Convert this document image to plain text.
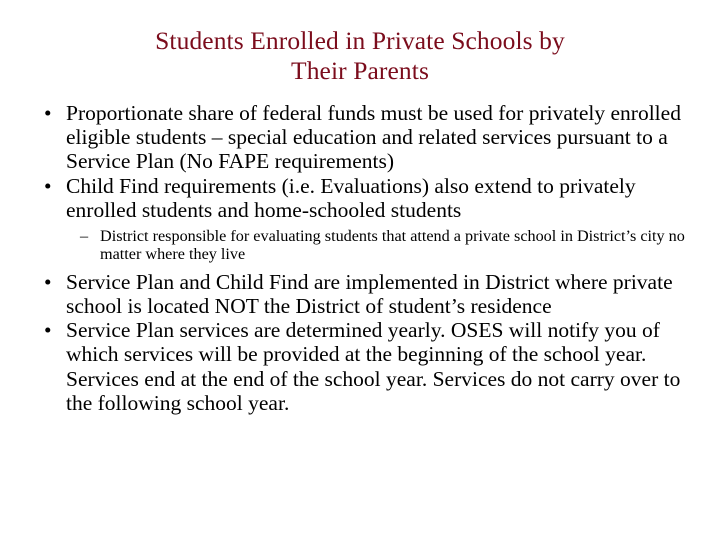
Students Enrolled in Private Schools by
Their Parents
• Proportionate share of federal funds must be used for privately enrolled eligible students – special education and related services pursuant to a Service Plan (No FAPE requirements)
• Child Find requirements (i.e. Evaluations) also extend to privately enrolled students and home-schooled students
– District responsible for evaluating students that attend a private school in District’s city no matter where they live
• Service Plan and Child Find are implemented in District where private school is located NOT the District of student’s residence
• Service Plan services are determined yearly. OSES will notify you of which services will be provided at the beginning of the school year. Services end at the end of the school year. Services do not carry over to the following school year.
